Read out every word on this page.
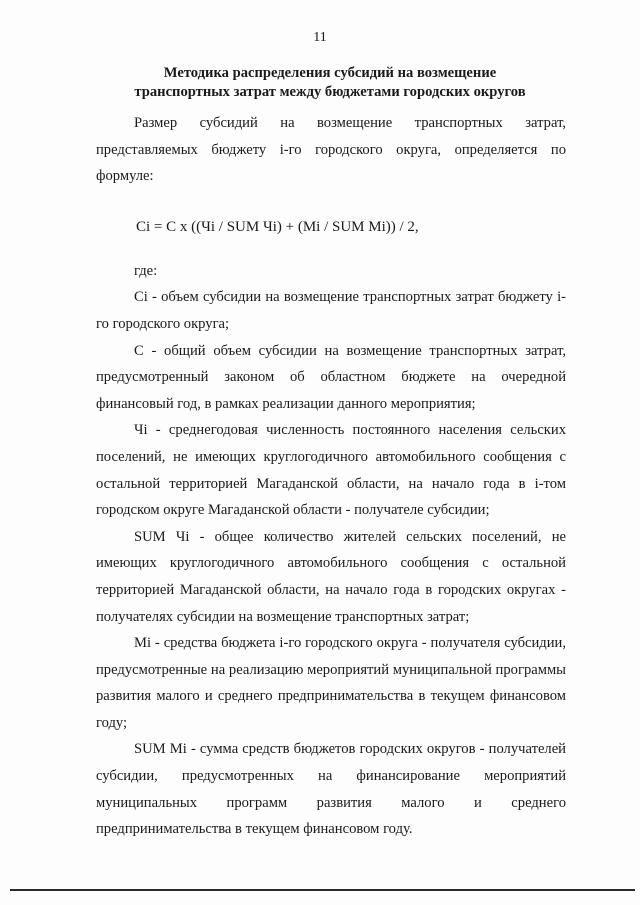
11
Методика распределения субсидий на возмещение
транспортных затрат между бюджетами городских округов

Размер субсидий на возмещение транспортных затрат, представляемых бюджету i-го городского округа, определяется по формуле:

Ci = C x ((Чi / SUM Чi) + (Mi / SUM Mi)) / 2,
где:

Ci - объем субсидии на возмещение транспортных затрат бюджету i-го городского округа;

C - общий объем субсидии на возмещение транспортных затрат, предусмотренный законом об областном бюджете на очередной финансовый год, в рамках реализации данного мероприятия;

Чi - среднегодовая численность постоянного населения сельских поселений, не имеющих круглогодичного автомобильного сообщения с остальной территорией Магаданской области, на начало года в i-том городском округе Магаданской области - получателе субсидии;

SUM Чi - общее количество жителей сельских поселений, не имеющих круглогодичного автомобильного сообщения с остальной территорией Магаданской области, на начало года в городских округах - получателях субсидии на возмещение транспортных затрат;

Mi - средства бюджета i-го городского округа - получателя субсидии, предусмотренные на реализацию мероприятий муниципальной программы развития малого и среднего предпринимательства в текущем финансовом году;

SUM Mi - сумма средств бюджетов городских округов - получателей субсидии, предусмотренных на финансирование мероприятий муниципальных программ развития малого и среднего предпринимательства в текущем финансовом году.
